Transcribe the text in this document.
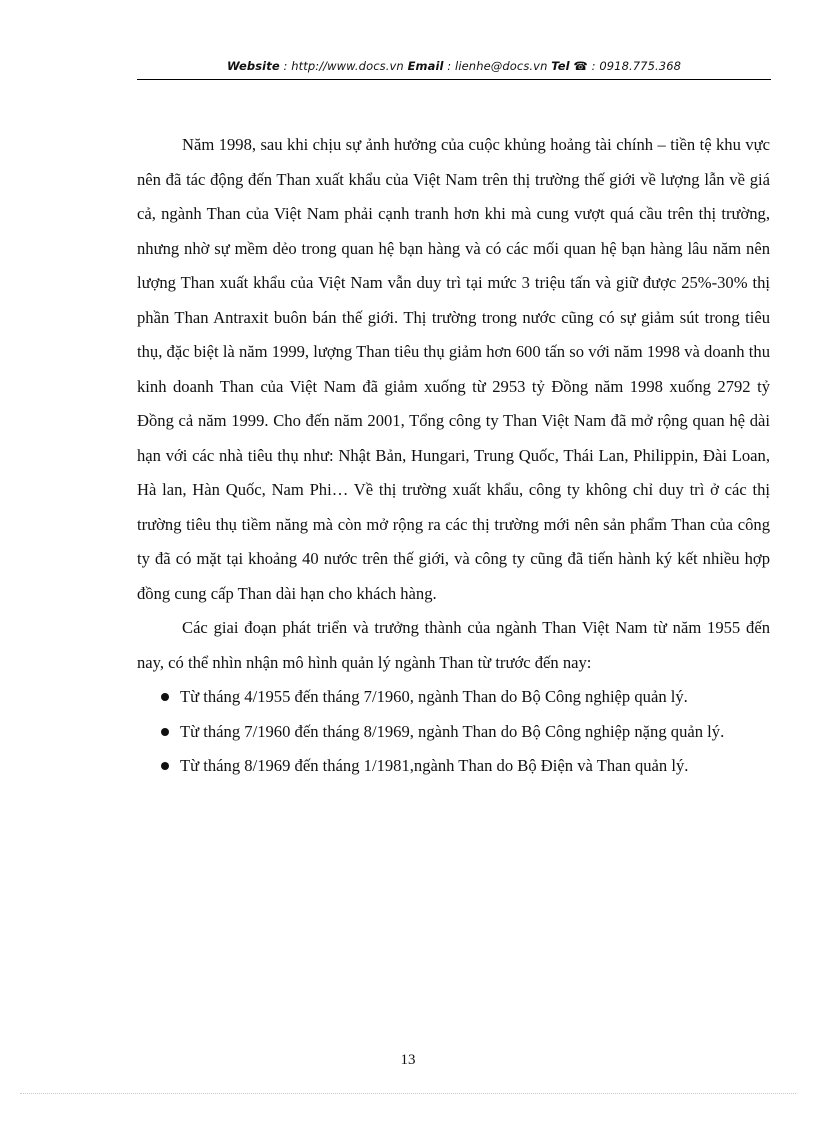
Website : http://www.docs.vn Email : lienhe@docs.vn Tel ☎ : 0918.775.368

Năm 1998, sau khi chịu sự ảnh hưởng của cuộc khủng hoảng tài chính – tiền tệ khu vực nên đã tác động đến Than xuất khẩu của Việt Nam trên thị trường thế giới về lượng lẫn về giá cả, ngành Than của Việt Nam phải cạnh tranh hơn khi mà cung vượt quá cầu trên thị trường, nhưng nhờ sự mềm dẻo trong quan hệ bạn hàng và có các mối quan hệ bạn hàng lâu năm nên lượng Than xuất khẩu của Việt Nam vẫn duy trì tại mức 3 triệu tấn và giữ được 25%-30% thị phần Than Antraxit buôn bán thế giới. Thị trường trong nước cũng có sự giảm sút trong tiêu thụ, đặc biệt là năm 1999, lượng Than tiêu thụ giảm hơn 600 tấn so với năm 1998 và doanh thu kinh doanh Than của Việt Nam đã giảm xuống từ 2953 tỷ Đồng năm 1998 xuống 2792 tỷ Đồng cả năm 1999. Cho đến năm 2001, Tổng công ty Than Việt Nam đã mở rộng quan hệ dài hạn với các nhà tiêu thụ như: Nhật Bản, Hungari, Trung Quốc, Thái Lan, Philippin, Đài Loan, Hà lan, Hàn Quốc, Nam Phi… Về thị trường xuất khẩu, công ty không chỉ duy trì ở các thị trường tiêu thụ tiềm năng mà còn mở rộng ra các thị trường mới nên sản phẩm Than của công ty đã có mặt tại khoảng 40 nước trên thế giới, và công ty cũng đã tiến hành ký kết nhiều hợp đồng cung cấp Than dài hạn cho khách hàng.

Các giai đoạn phát triển và trưởng thành của ngành Than Việt Nam từ năm 1955 đến nay, có thể nhìn nhận mô hình quản lý ngành Than từ trước đến nay:

Từ tháng 4/1955 đến tháng 7/1960, ngành Than do Bộ Công nghiệp quản lý.
Từ tháng 7/1960 đến tháng 8/1969, ngành Than do Bộ Công nghiệp nặng quản lý.
Từ tháng 8/1969 đến tháng 1/1981,ngành Than do Bộ Điện và Than quản lý.
13
